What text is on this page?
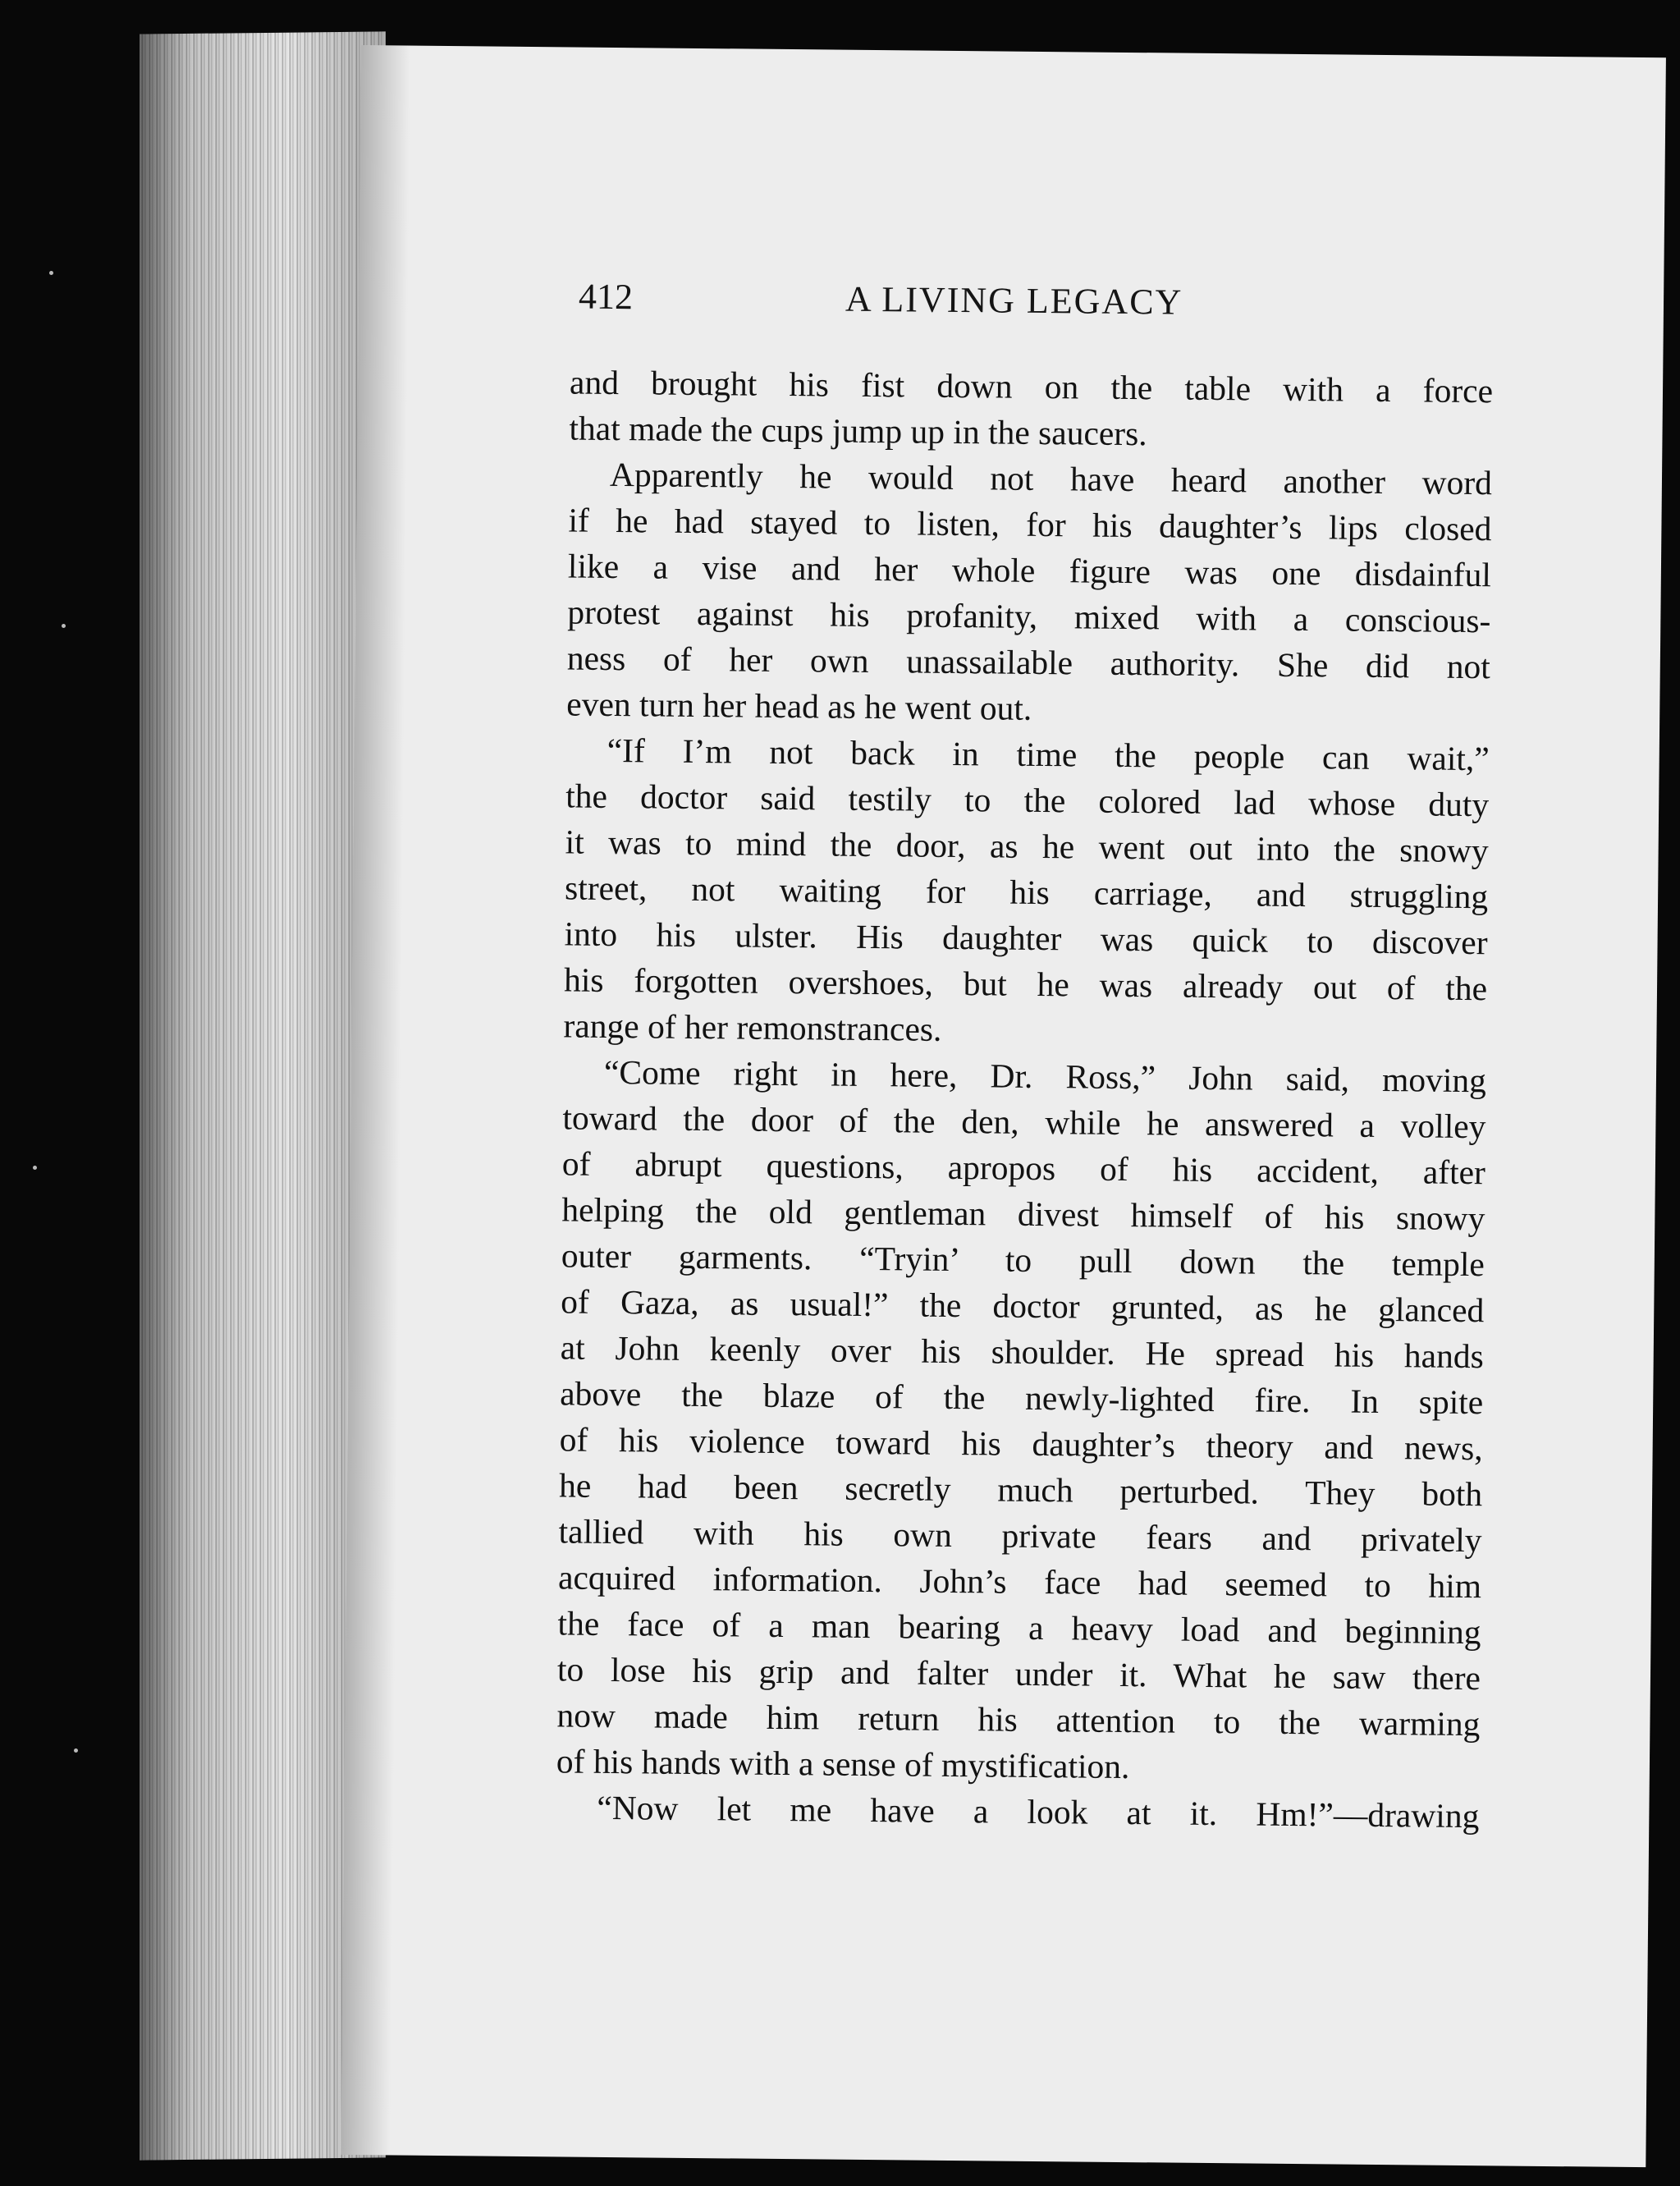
412	A LIVING LEGACY
and brought his fist down on the table with a force
that made the cups jump up in the saucers.
Apparently he would not have heard another word
if he had stayed to listen, for his daughter’s lips closed
like a vise and her whole figure was one disdainful
protest against his profanity, mixed with a conscious-
ness of her own unassailable authority. She did not
even turn her head as he went out.
“If I’m not back in time the people can wait,”
the doctor said testily to the colored lad whose duty
it was to mind the door, as he went out into the snowy
street, not waiting for his carriage, and struggling
into his ulster. His daughter was quick to discover
his forgotten overshoes, but he was already out of the
range of her remonstrances.
“Come right in here, Dr. Ross,” John said, moving
toward the door of the den, while he answered a volley
of abrupt questions, apropos of his accident, after
helping the old gentleman divest himself of his snowy
outer garments. “Tryin’ to pull down the temple
of Gaza, as usual!” the doctor grunted, as he glanced
at John keenly over his shoulder. He spread his hands
above the blaze of the newly-lighted fire. In spite
of his violence toward his daughter’s theory and news,
he had been secretly much perturbed. They both
tallied with his own private fears and privately
acquired information. John’s face had seemed to him
the face of a man bearing a heavy load and beginning
to lose his grip and falter under it. What he saw there
now made him return his attention to the warming
of his hands with a sense of mystification.
“Now let me have a look at it. Hm!”—drawing
